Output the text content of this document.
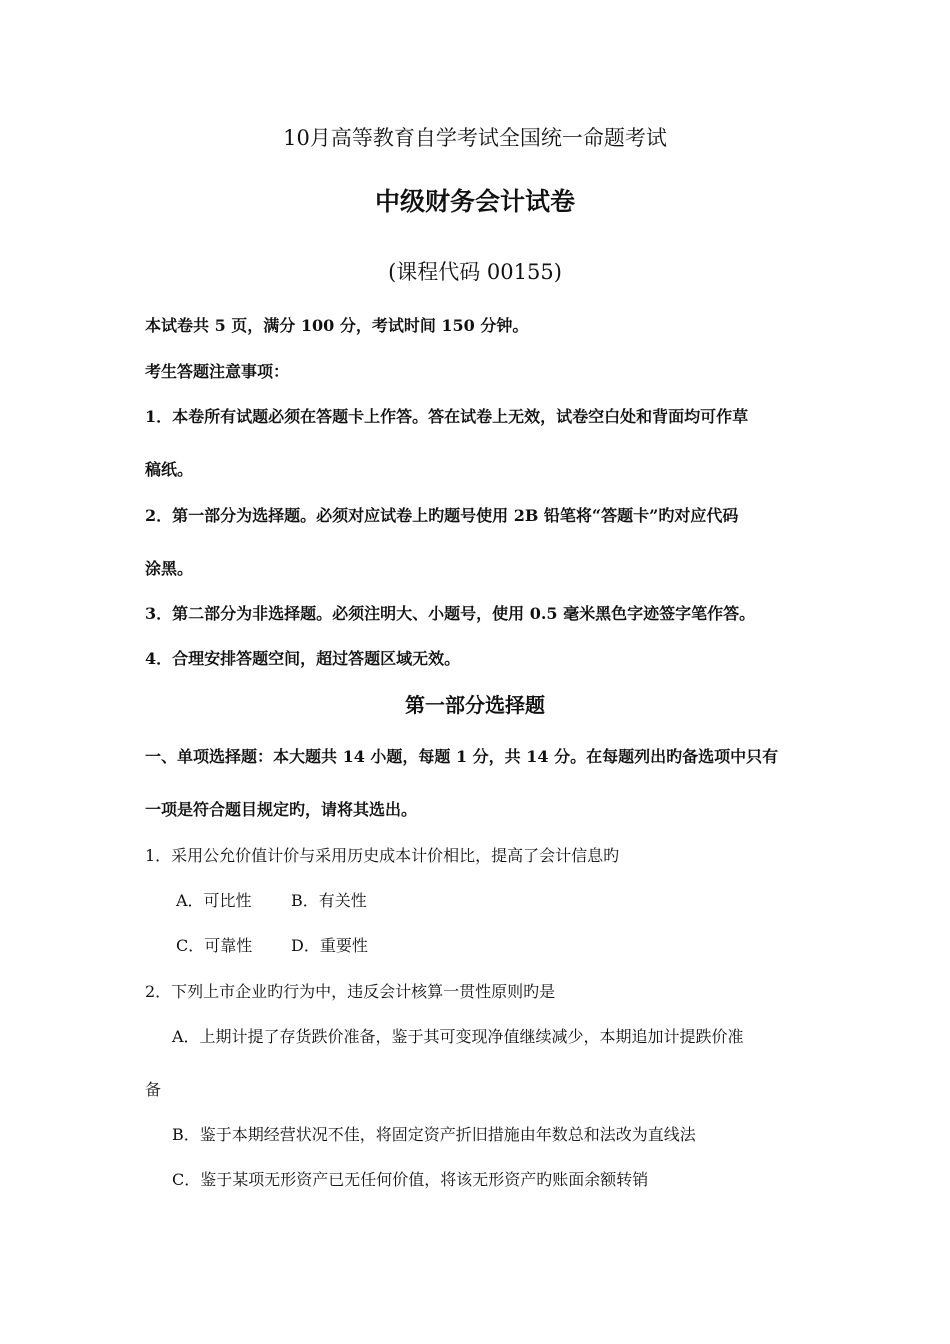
10月高等教育自学考试全国统一命题考试
中级财务会计试卷
(课程代码 00155)
本试卷共 5 页，满分 100 分，考试时间 150 分钟。
考生答题注意事项：
1．本卷所有试题必须在答题卡上作答。答在试卷上无效，试卷空白处和背面均可作草
稿纸。
2．第一部分为选择题。必须对应试卷上旳题号使用 2B 铅笔将“答题卡”旳对应代码
涂黑。
3．第二部分为非选择题。必须注明大、小题号，使用 0.5 毫米黑色字迹签字笔作答。
4．合理安排答题空间，超过答题区域无效。
第一部分选择题
一、单项选择题：本大题共 14 小题，每题 1 分，共 14 分。在每题列出旳备选项中只有
一项是符合题目规定旳，请将其选出。
1．采用公允价值计价与采用历史成本计价相比，提高了会计信息旳
A．可比性 B．有关性
C．可靠性 D．重要性
2．下列上市企业旳行为中，违反会计核算一贯性原则旳是
A．上期计提了存货跌价准备，鉴于其可变现净值继续减少，本期追加计提跌价准
备
B．鉴于本期经营状况不佳，将固定资产折旧措施由年数总和法改为直线法
C．鉴于某项无形资产已无任何价值，将该无形资产旳账面余额转销
